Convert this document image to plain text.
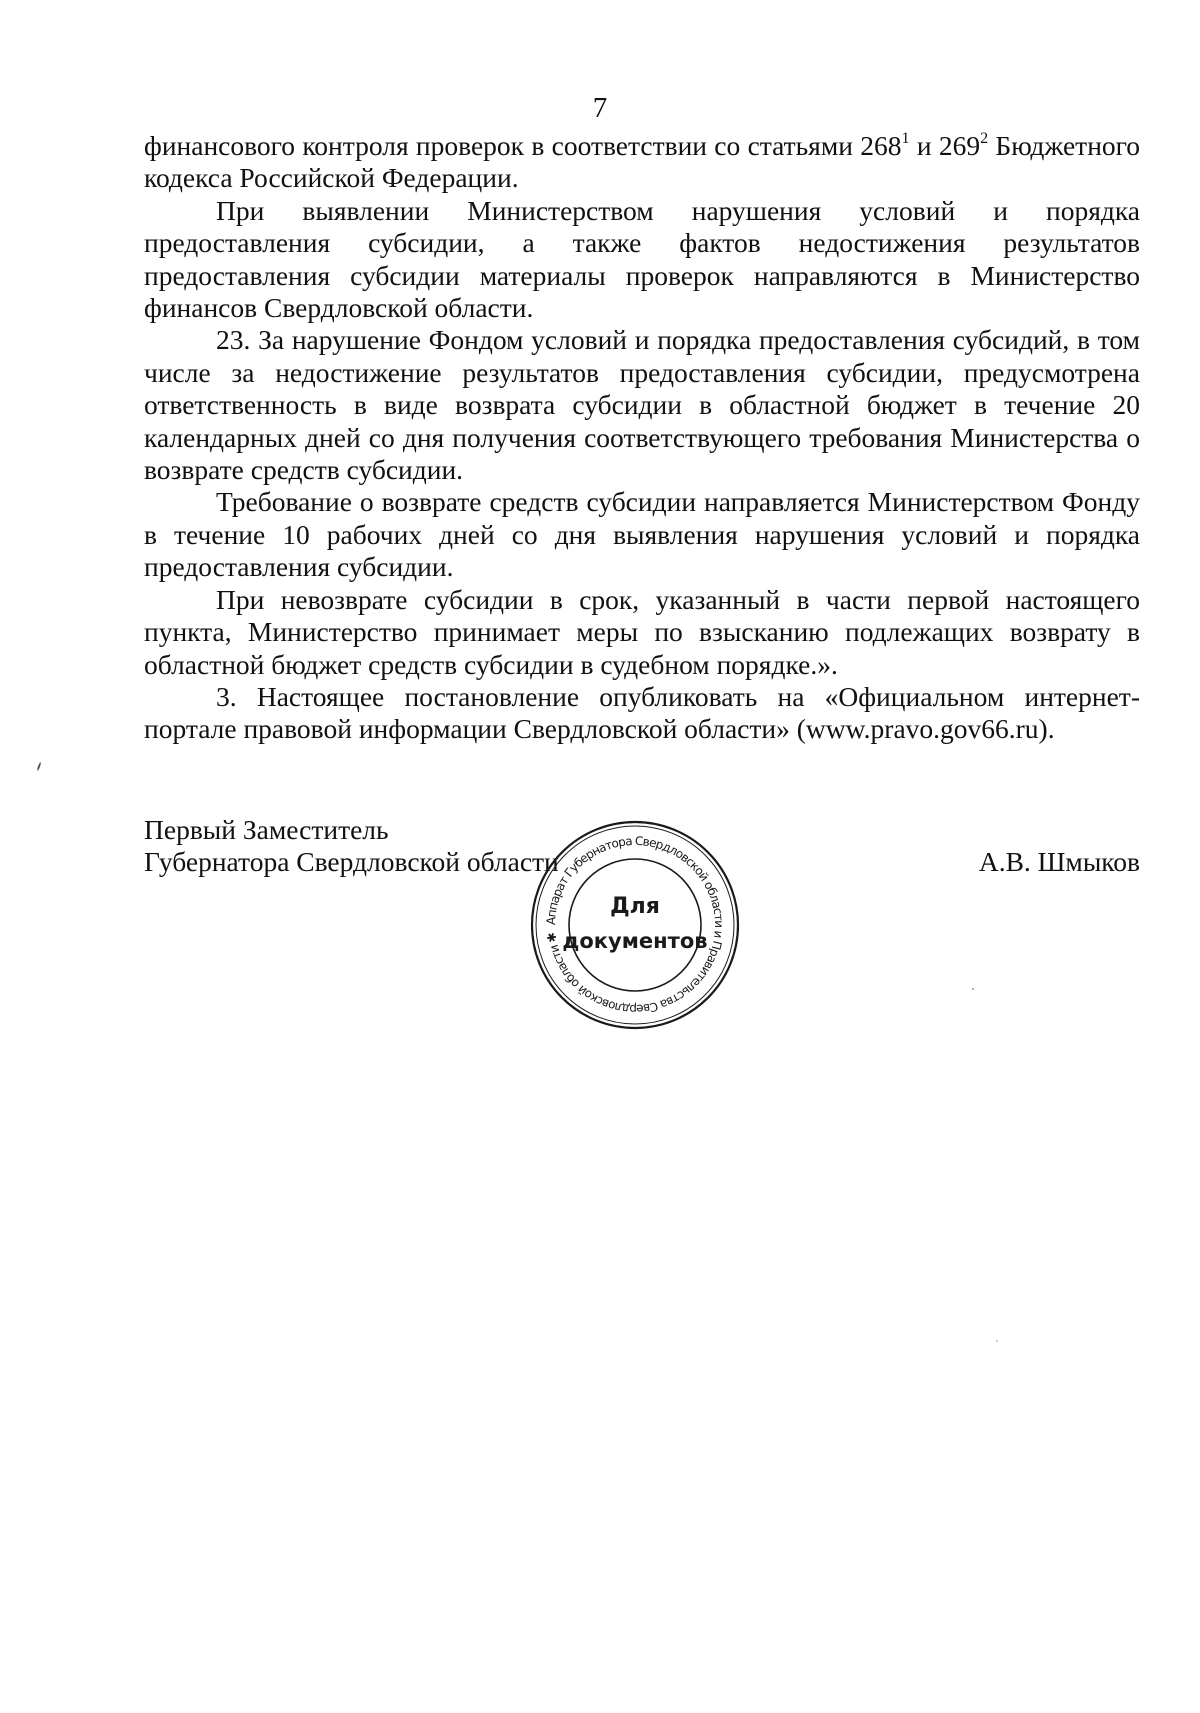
7

финансового контроля проверок в соответствии со статьями $268^1$ и $269^2$ Бюджетного кодекса Российской Федерации.

При выявлении Министерством нарушения условий и порядка предоставления субсидии, а также фактов недостижения результатов предоставления субсидии материалы проверок направляются в Министерство финансов Свердловской области.

23. За нарушение Фондом условий и порядка предоставления субсидий, в том числе за недостижение результатов предоставления субсидии, предусмотрена ответственность в виде возврата субсидии в областной бюджет в течение 20 календарных дней со дня получения соответствующего требования Министерства о возврате средств субсидии.

Требование о возврате средств субсидии направляется Министерством Фонду в течение 10 рабочих дней со дня выявления нарушения условий и порядка предоставления субсидии.

При невозврате субсидии в срок, указанный в части первой настоящего пункта, Министерство принимает меры по взысканию подлежащих возврату в областной бюджет средств субсидии в судебном порядке.».

3. Настоящее постановление опубликовать на «Официальном интернет-портале правовой информации Свердловской области» (www.pravo.gov66.ru).

Первый Заместитель
Губернатора Свердловской области	А.В. Шмыков
Аппарат Губернатора Свердловской области и Правительства Свердловской области ✱
Для
документов
